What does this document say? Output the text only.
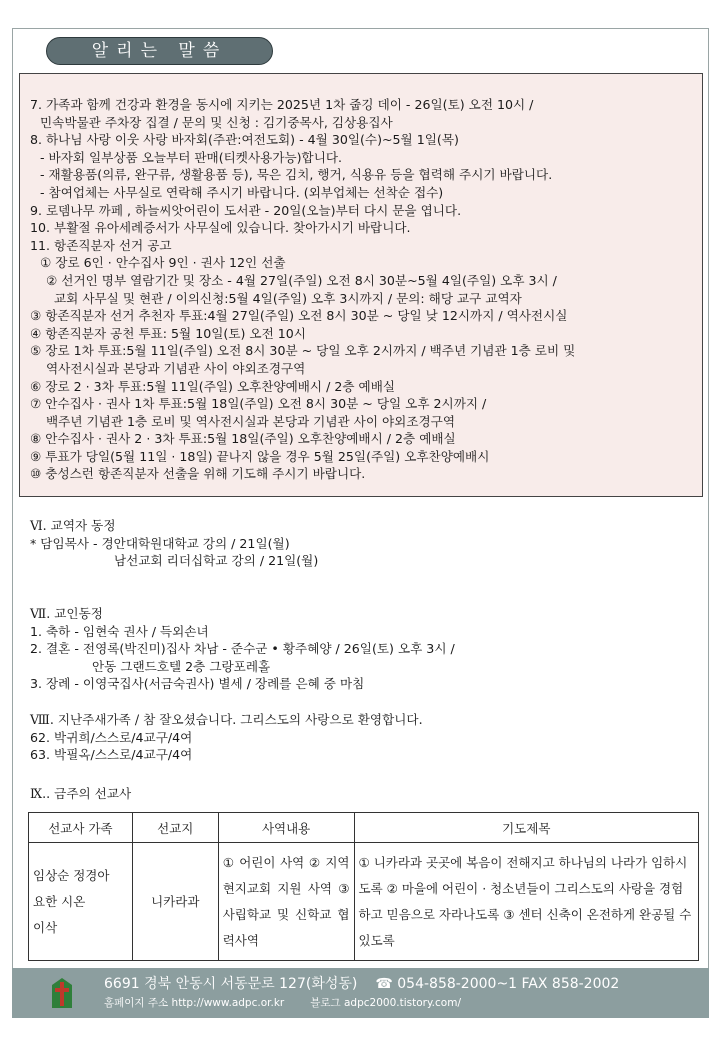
알리는 말씀
7. 가족과 함께 건강과 환경을 동시에 지키는 2025년 1차 줍깅 데이 - 26일(토) 오전 10시 /
민속박물관 주차장 집결 / 문의 및 신청 : 김기중목사, 김상용집사
8. 하나님 사랑 이웃 사랑 바자회(주관:여전도회) - 4월 30일(수)~5월 1일(목)
- 바자회 일부상품 오늘부터 판매(티켓사용가능)합니다.
- 재활용품(의류, 완구류, 생활용품 등), 묵은 김치, 행거, 식용유 등을 협력해 주시기 바랍니다.
- 참여업체는 사무실로 연락해 주시기 바랍니다. (외부업체는 선착순 접수)
9. 로뎀나무 까페 , 하늘씨앗어린이 도서관 - 20일(오늘)부터 다시 문을 엽니다.
10. 부활절 유아세례증서가 사무실에 있습니다. 찾아가시기 바랍니다.
11. 항존직분자 선거 공고
① 장로 6인 · 안수집사 9인 · 권사 12인 선출
② 선거인 명부 열람기간 및 장소 - 4월 27일(주일) 오전 8시 30분~5월 4일(주일) 오후 3시 /
교회 사무실 및 현관 / 이의신청:5월 4일(주일) 오후 3시까지 / 문의: 해당 교구 교역자
③ 항존직분자 선거 추천자 투표:4월 27일(주일) 오전 8시 30분 ~ 당일 낮 12시까지 / 역사전시실
④ 항존직분자 공천 투표: 5월 10일(토) 오전 10시
⑤ 장로 1차 투표:5월 11일(주일) 오전 8시 30분 ~ 당일 오후 2시까지 / 백주년 기념관 1층 로비 및
역사전시실과 본당과 기념관 사이 야외조경구역
⑥ 장로 2 · 3차 투표:5월 11일(주일) 오후찬양예배시 / 2층 예배실
⑦ 안수집사 · 권사 1차 투표:5월 18일(주일) 오전 8시 30분 ~ 당일 오후 2시까지 /
백주년 기념관 1층 로비 및 역사전시실과 본당과 기념관 사이 야외조경구역
⑧ 안수집사 · 권사 2 · 3차 투표:5월 18일(주일) 오후찬양예배시 / 2층 예배실
⑨ 투표가 당일(5월 11일 · 18일) 끝나지 않을 경우 5월 25일(주일) 오후찬양예배시
⑩ 충성스런 항존직분자 선출을 위해 기도해 주시기 바랍니다.
Ⅵ. 교역자 동정
* 담임목사 - 경안대학원대학교 강의 / 21일(월)
남선교회 리더십학교 강의 / 21일(월)
Ⅶ. 교인동정
1. 축하 - 임현숙 권사 / 득외손녀
2. 결혼 - 전영록(박진미)집사 차남 - 준수군 • 황주혜양 / 26일(토) 오후 3시 /
안동 그랜드호텔 2층 그랑포레홀
3. 장례 - 이영국집사(서금숙권사) 별세 / 장례를 은혜 중 마침
Ⅷ. 지난주새가족 / 참 잘오셨습니다. 그리스도의 사랑으로 환영합니다.
62. 박귀희/스스로/4교구/4여
63. 박필옥/스스로/4교구/4여
Ⅸ.. 금주의 선교사
선교사 가족	선교지	사역내용	기도제목

임상순 정경아
요한 시온
이삭	니카라과	① 어린이 사역 ② 지역 현지교회 지원 사역 ③ 사립학교 및 신학교 협력사역	① 니카라과 곳곳에 복음이 전해지고 하나님의 나라가 임하시도록 ② 마을에 어린이 · 청소년들이 그리스도의 사랑을 경험하고 믿음으로 자라나도록 ③ 센터 신축이 온전하게 완공될 수 있도록
6691 경북 안동시 서동문로 127(화성동) ☎ 054-858-2000~1 FAX 858-2002
홈페이지 주소 http://www.adpc.or.kr 블로그 adpc2000.tistory.com/
